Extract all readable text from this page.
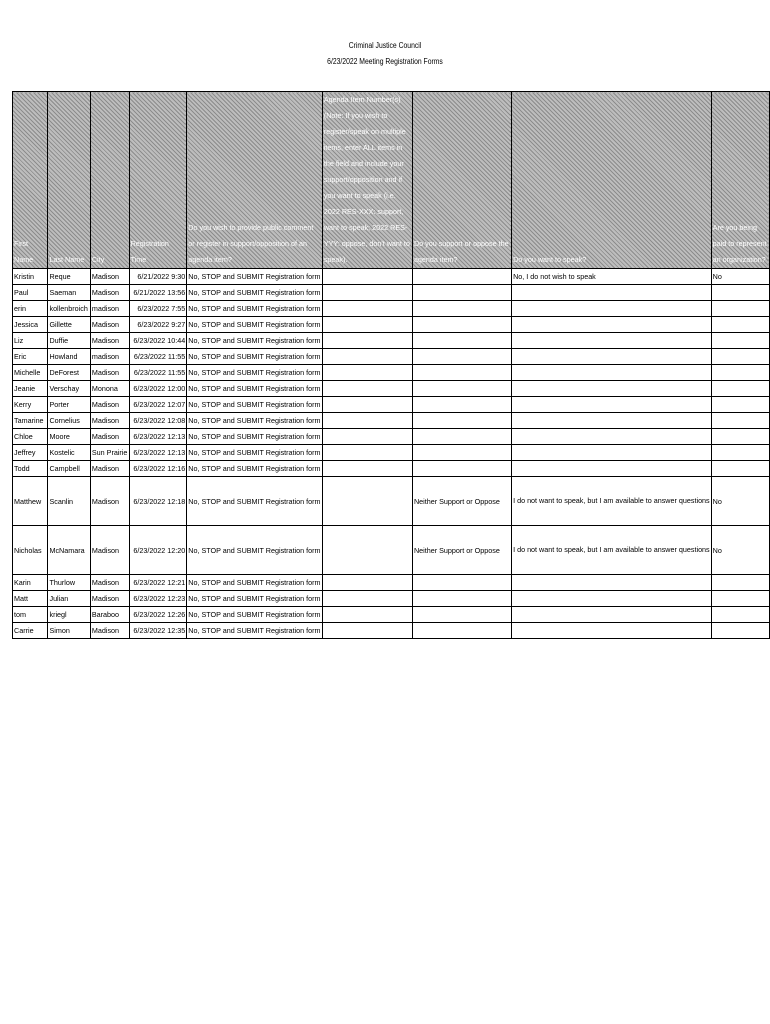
Criminal Justice Council
6/23/2022 Meeting Registration Forms
First Name	Last Name	City	Registration Time	Do you wish to provide public comment or register in support/opposition of an agenda item?	Agenda Item Number(s) (Note: If you wish to register/speak on multiple items, enter ALL items in the field and include your support/opposition and if you want to speak (i.e. 2022 RES-XXX: support, want to speak; 2022 RES-YYY: oppose, don't want to speak).	Do you support or oppose the agenda item?	Do you want to speak?	Are you being paid to represent an organization?
Kristin	Reque	Madison	6/21/2022 9:30	No, STOP and SUBMIT Registration form			No, I do not wish to speak	No
Paul	Saeman	Madison	6/21/2022 13:56	No, STOP and SUBMIT Registration form				
erin	kollenbroich	madison	6/23/2022 7:55	No, STOP and SUBMIT Registration form				
Jessica	Gillette	Madison	6/23/2022 9:27	No, STOP and SUBMIT Registration form				
Liz	Duffie	Madison	6/23/2022 10:44	No, STOP and SUBMIT Registration form				
Eric	Howland	madison	6/23/2022 11:55	No, STOP and SUBMIT Registration form				
Michelle	DeForest	Madison	6/23/2022 11:55	No, STOP and SUBMIT Registration form				
Jeanie	Verschay	Monona	6/23/2022 12:00	No, STOP and SUBMIT Registration form				
Kerry	Porter	Madison	6/23/2022 12:07	No, STOP and SUBMIT Registration form				
Tamarine	Cornelius	Madison	6/23/2022 12:08	No, STOP and SUBMIT Registration form				
Chloe	Moore	Madison	6/23/2022 12:13	No, STOP and SUBMIT Registration form				
Jeffrey	Kostelic	Sun Prairie	6/23/2022 12:13	No, STOP and SUBMIT Registration form				
Todd	Campbell	Madison	6/23/2022 12:16	No, STOP and SUBMIT Registration form				
Matthew	Scanlin	Madison	6/23/2022 12:18	No, STOP and SUBMIT Registration form		Neither Support or Oppose	I do not want to speak, but I am available to answer questions	No
Nicholas	McNamara	Madison	6/23/2022 12:20	No, STOP and SUBMIT Registration form		Neither Support or Oppose	I do not want to speak, but I am available to answer questions	No
Karin	Thurlow	Madison	6/23/2022 12:21	No, STOP and SUBMIT Registration form				
Matt	Julian	Madison	6/23/2022 12:23	No, STOP and SUBMIT Registration form				
tom	kriegl	Baraboo	6/23/2022 12:26	No, STOP and SUBMIT Registration form				
Carrie	Simon	Madison	6/23/2022 12:35	No, STOP and SUBMIT Registration form				
